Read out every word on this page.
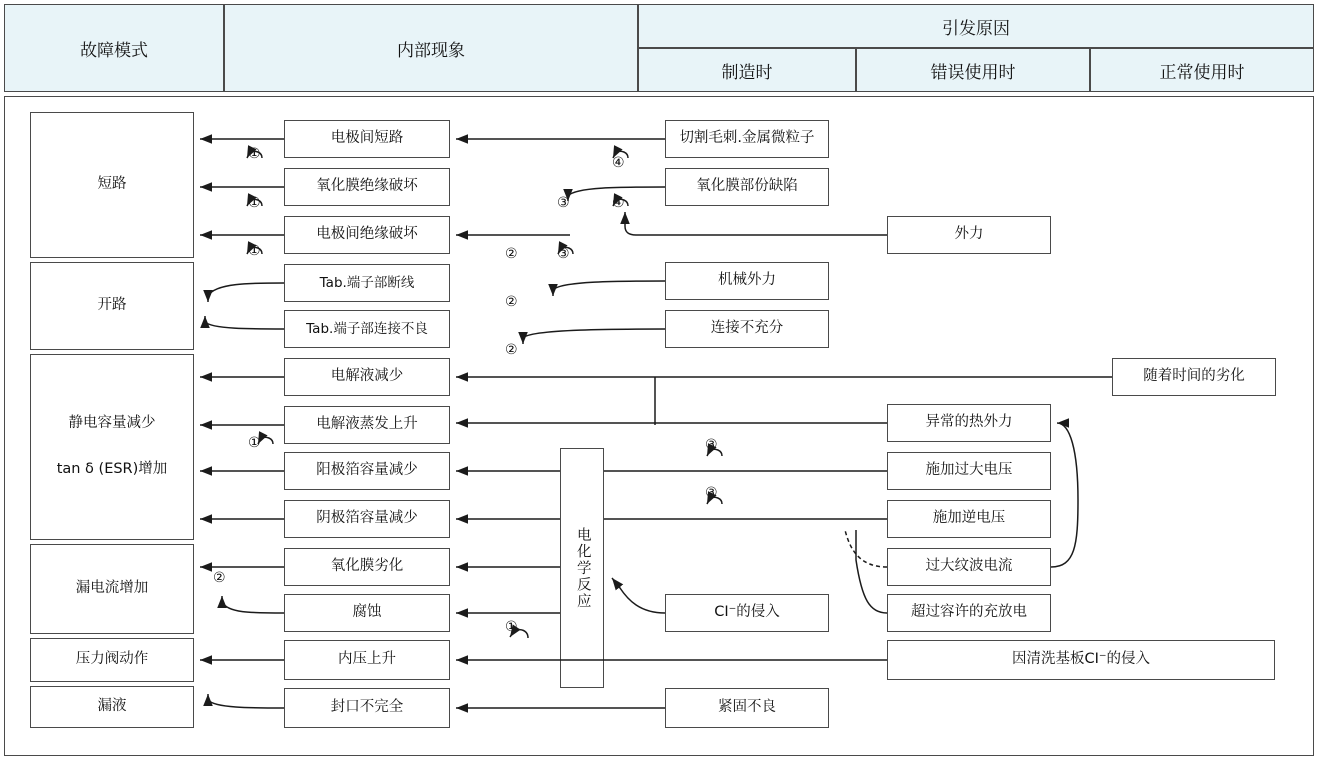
故障模式	内部现象
引发原因
制造时	错误使用时	正常使用时
短路
开路
静电容量减少
tan δ (ESR)增加
漏电流增加
压力阀动作
漏液
电极间短路
氧化膜绝缘破坏
电极间绝缘破坏
Tab.端子部断线
Tab.端子部连接不良
电解液减少
电解液蒸发上升
阳极箔容量减少
阴极箔容量减少
氧化膜劣化
腐蚀
内压上升
封口不完全
电化学反应
切割毛刺.金属微粒子
氧化膜部份缺陷
机械外力
连接不充分
CI⁻的侵入
紧固不良
外力
异常的热外力
施加过大电压
施加逆电压
过大纹波电流
超过容许的充放电
因清洗基板CI⁻的侵入
随着时间的劣化
①
①
①
①
①
②
②
②
②
③
③
③
③
④
④
